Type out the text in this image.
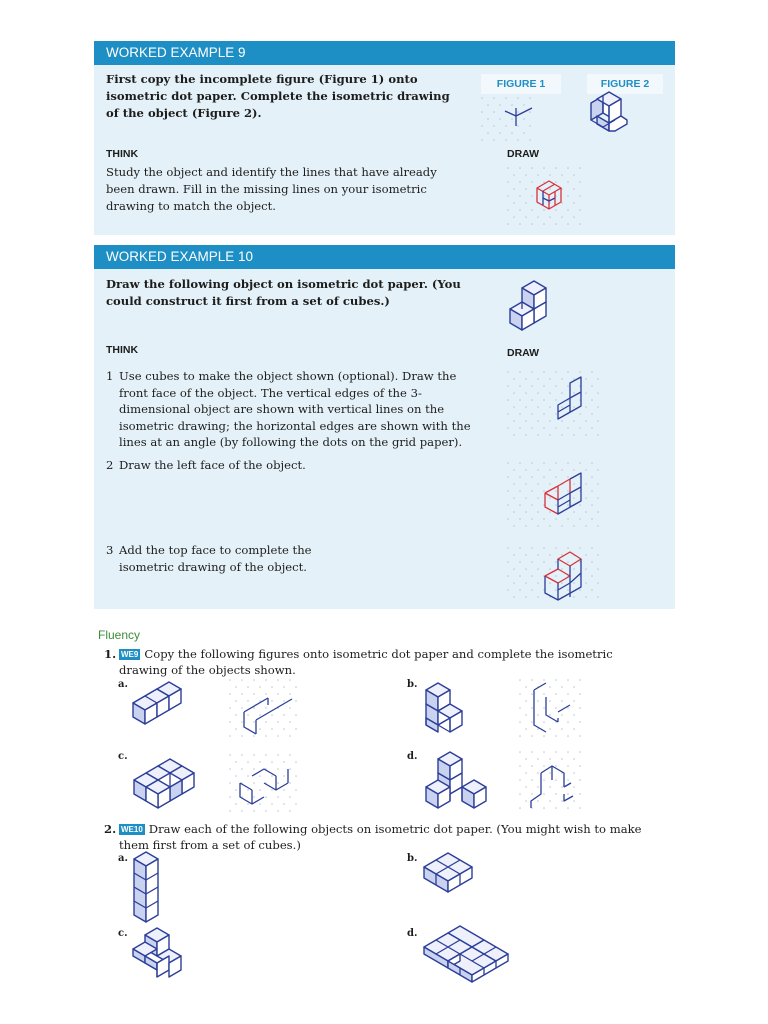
WORKED EXAMPLE 9
First copy the incomplete figure (Figure 1) onto isometric dot paper. Complete the isometric drawing of the object (Figure 2).
THINK
Study the object and identify the lines that have already been drawn. Fill in the missing lines on your isometric drawing to match the object.
FIGURE 1	FIGURE 2
DRAW
WORKED EXAMPLE 10
Draw the following object on isometric dot paper. (You could construct it first from a set of cubes.)
THINK	DRAW
1 Use cubes to make the object shown (optional). Draw the front face of the object. The vertical edges of the 3-dimensional object are shown with vertical lines on the isometric drawing; the horizontal edges are shown with the lines at an angle (by following the dots on the grid paper).
2 Draw the left face of the object.
3 Add the top face to complete the isometric drawing of the object.
Fluency
1. WE9 Copy the following figures onto isometric dot paper and complete the isometric drawing of the objects shown.
a.	b.
c.	d.
2. WE10 Draw each of the following objects on isometric dot paper. (You might wish to make them first from a set of cubes.)
a.	b.
c.	d.
